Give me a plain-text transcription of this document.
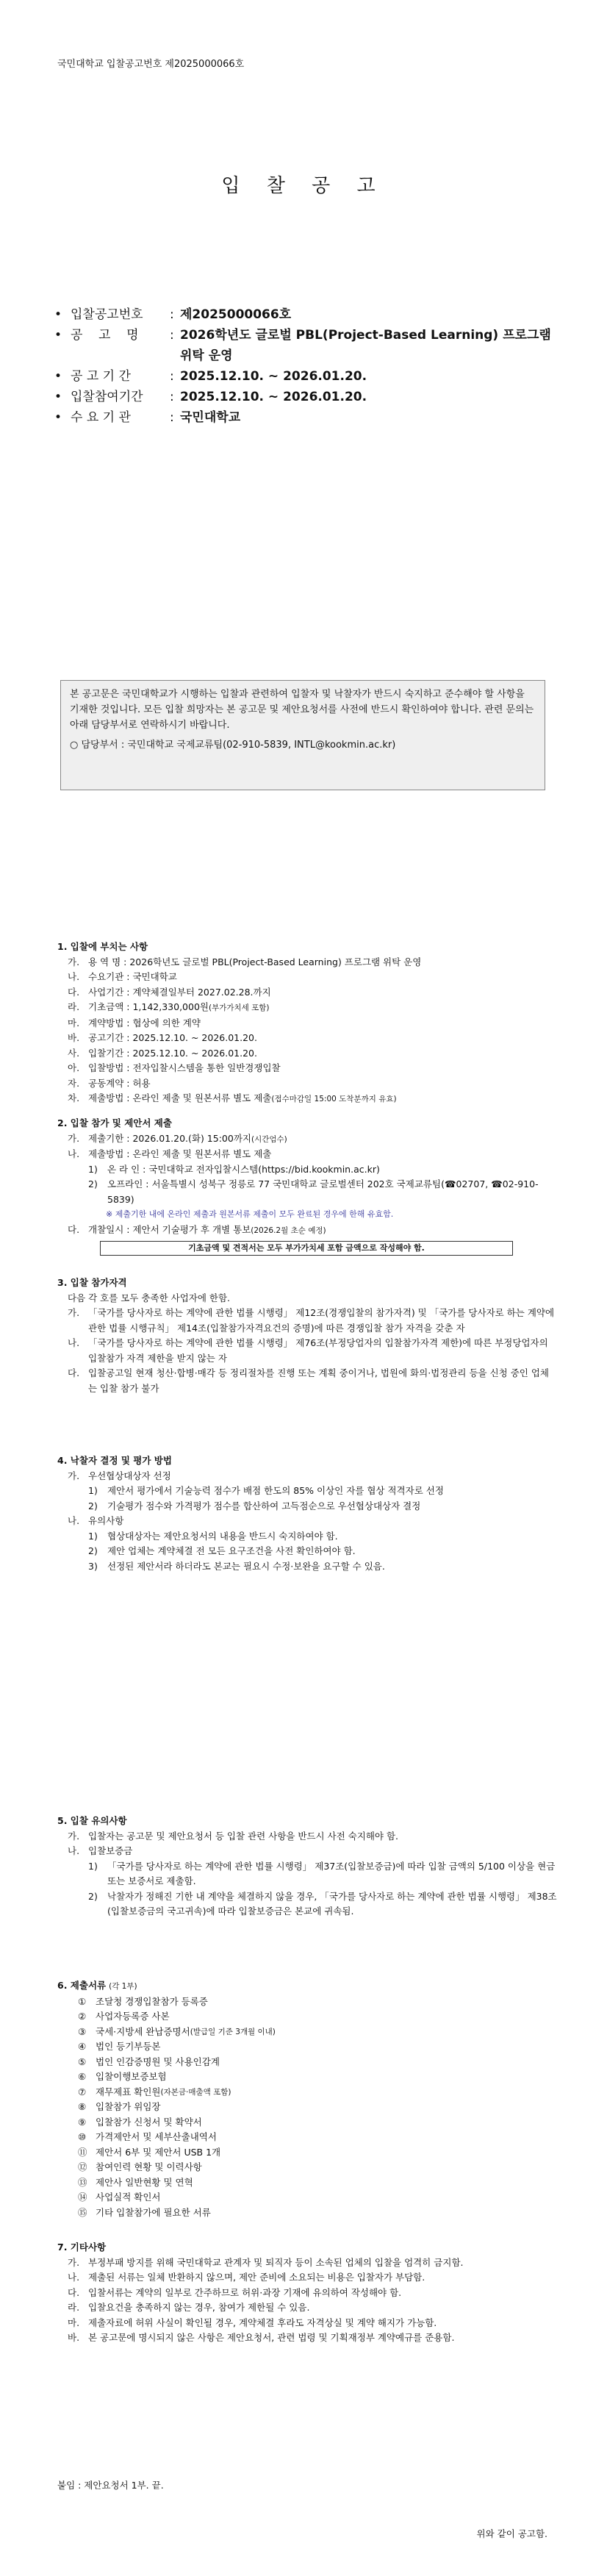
국민대학교 입찰공고번호 제2025000066호
입 찰 공 고
• 입찰공고번호	: 제2025000066호
• 공    고    명	: 2026학년도 글로벌 PBL(Project-Based Learning) 프로그램 위탁 운영
• 공 고 기 간	: 2025.12.10. ~ 2026.01.20.
• 입찰참여기간	: 2025.12.10. ~ 2026.01.20.
• 수 요 기 관	: 국민대학교
본 공고문은 국민대학교가 시행하는 입찰과 관련하여 입찰자 및 낙찰자가 반드시 숙지하고 준수해야 할 사항을 기재한 것입니다. 모든 입찰 희망자는 본 공고문 및 제안요청서를 사전에 반드시 확인하여야 합니다. 관련 문의는 아래 담당부서로 연락하시기 바랍니다.
○ 담당부서 : 국민대학교 국제교류팀(02-910-5839, INTL@kookmin.ac.kr)
1. 입찰에 부치는 사항
가. 용 역 명 : 2026학년도 글로벌 PBL(Project-Based Learning) 프로그램 위탁 운영
나. 수요기관 : 국민대학교
다. 사업기간 : 계약체결일부터 2027.02.28.까지
라. 기초금액 : 1,142,330,000원(부가가치세 포함)
마. 계약방법 : 협상에 의한 계약
바. 공고기간 : 2025.12.10. ~ 2026.01.20.
사. 입찰기간 : 2025.12.10. ~ 2026.01.20.
아. 입찰방법 : 전자입찰시스템을 통한 일반경쟁입찰
자. 공동계약 : 허용
차. 제출방법 : 온라인 제출 및 원본서류 별도 제출(접수마감일 15:00 도착분까지 유효)
2. 입찰 참가 및 제안서 제출
가. 제출기한 : 2026.01.20.(화) 15:00까지(시간엄수)
나. 제출방법 : 온라인 제출 및 원본서류 별도 제출
1)	온 라 인 : 국민대학교 전자입찰시스템(https://bid.kookmin.ac.kr)
2)	오프라인 : 서울특별시 성북구 정릉로 77 국민대학교 글로벌센터 202호 국제교류팀(☎02707, ☎02-910-5839)
※ 제출기한 내에 온라인 제출과 원본서류 제출이 모두 완료된 경우에 한해 유효함.
다. 개찰일시 : 제안서 기술평가 후 개별 통보(2026.2월 초순 예정)
기초금액 및 견적서는 모두 부가가치세 포함 금액으로 작성해야 함.
3. 입찰 참가자격
다음 각 호를 모두 충족한 사업자에 한함.
가. 「국가를 당사자로 하는 계약에 관한 법률 시행령」 제12조(경쟁입찰의 참가자격) 및 「국가를 당사자로 하는 계약에 관한 법률 시행규칙」 제14조(입찰참가자격요건의 증명)에 따른 경쟁입찰 참가 자격을 갖춘 자
나. 「국가를 당사자로 하는 계약에 관한 법률 시행령」 제76조(부정당업자의 입찰참가자격 제한)에 따른 부정당업자의 입찰참가 자격 제한을 받지 않는 자
다. 입찰공고일 현재 청산·합병·매각 등 정리절차를 진행 또는 계획 중이거나, 법원에 화의·법정관리 등을 신청 중인 업체는 입찰 참가 불가
4. 낙찰자 결정 및 평가 방법
가. 우선협상대상자 선정
1)	제안서 평가에서 기술능력 점수가 배점 한도의 85% 이상인 자를 협상 적격자로 선정
2)	기술평가 점수와 가격평가 점수를 합산하여 고득점순으로 우선협상대상자 결정
나. 유의사항
1)	협상대상자는 제안요청서의 내용을 반드시 숙지하여야 함.
2)	제안 업체는 계약체결 전 모든 요구조건을 사전 확인하여야 함.
3)	선정된 제안서라 하더라도 본교는 필요시 수정·보완을 요구할 수 있음.
5. 입찰 유의사항
가. 입찰자는 공고문 및 제안요청서 등 입찰 관련 사항을 반드시 사전 숙지해야 함.
나. 입찰보증금
1)	「국가를 당사자로 하는 계약에 관한 법률 시행령」 제37조(입찰보증금)에 따라 입찰 금액의 5/100 이상을 현금 또는 보증서로 제출함.
2)	낙찰자가 정해진 기한 내 계약을 체결하지 않을 경우, 「국가를 당사자로 하는 계약에 관한 법률 시행령」 제38조(입찰보증금의 국고귀속)에 따라 입찰보증금은 본교에 귀속됨.
6. 제출서류 (각 1부)
①	조달청 경쟁입찰참가 등록증
②	사업자등록증 사본
③	국세·지방세 완납증명서 (발급일 기준 3개월 이내)
④	법인 등기부등본
⑤	법인 인감증명원 및 사용인감계
⑥	입찰이행보증보험
⑦	재무제표 확인원 (자본금·매출액 포함)
⑧	입찰참가 위임장
⑨	입찰참가 신청서 및 확약서
⑩	가격제안서 및 세부산출내역서
⑪ 제안서 6부 및 제안서 USB 1개
⑫ 참여인력 현황 및 이력사항
⑬ 제안사 일반현황 및 연혁
⑭ 사업실적 확인서
⑮ 기타 입찰참가에 필요한 서류
7. 기타사항
가. 부정부패 방지를 위해 국민대학교 관계자 및 퇴직자 등이 소속된 업체의 입찰을 엄격히 금지함.
나. 제출된 서류는 일체 반환하지 않으며, 제안 준비에 소요되는 비용은 입찰자가 부담함.
다. 입찰서류는 계약의 일부로 간주하므로 허위·과장 기재에 유의하여 작성해야 함.
라. 입찰요건을 충족하지 않는 경우, 참여가 제한될 수 있음.
마. 제출자료에 허위 사실이 확인될 경우, 계약체결 후라도 자격상실 및 계약 해지가 가능함.
바. 본 공고문에 명시되지 않은 사항은 제안요청서, 관련 법령 및 기획재정부 계약예규를 준용함.
붙임 : 제안요청서 1부. 끝.
위와 같이 공고함.
